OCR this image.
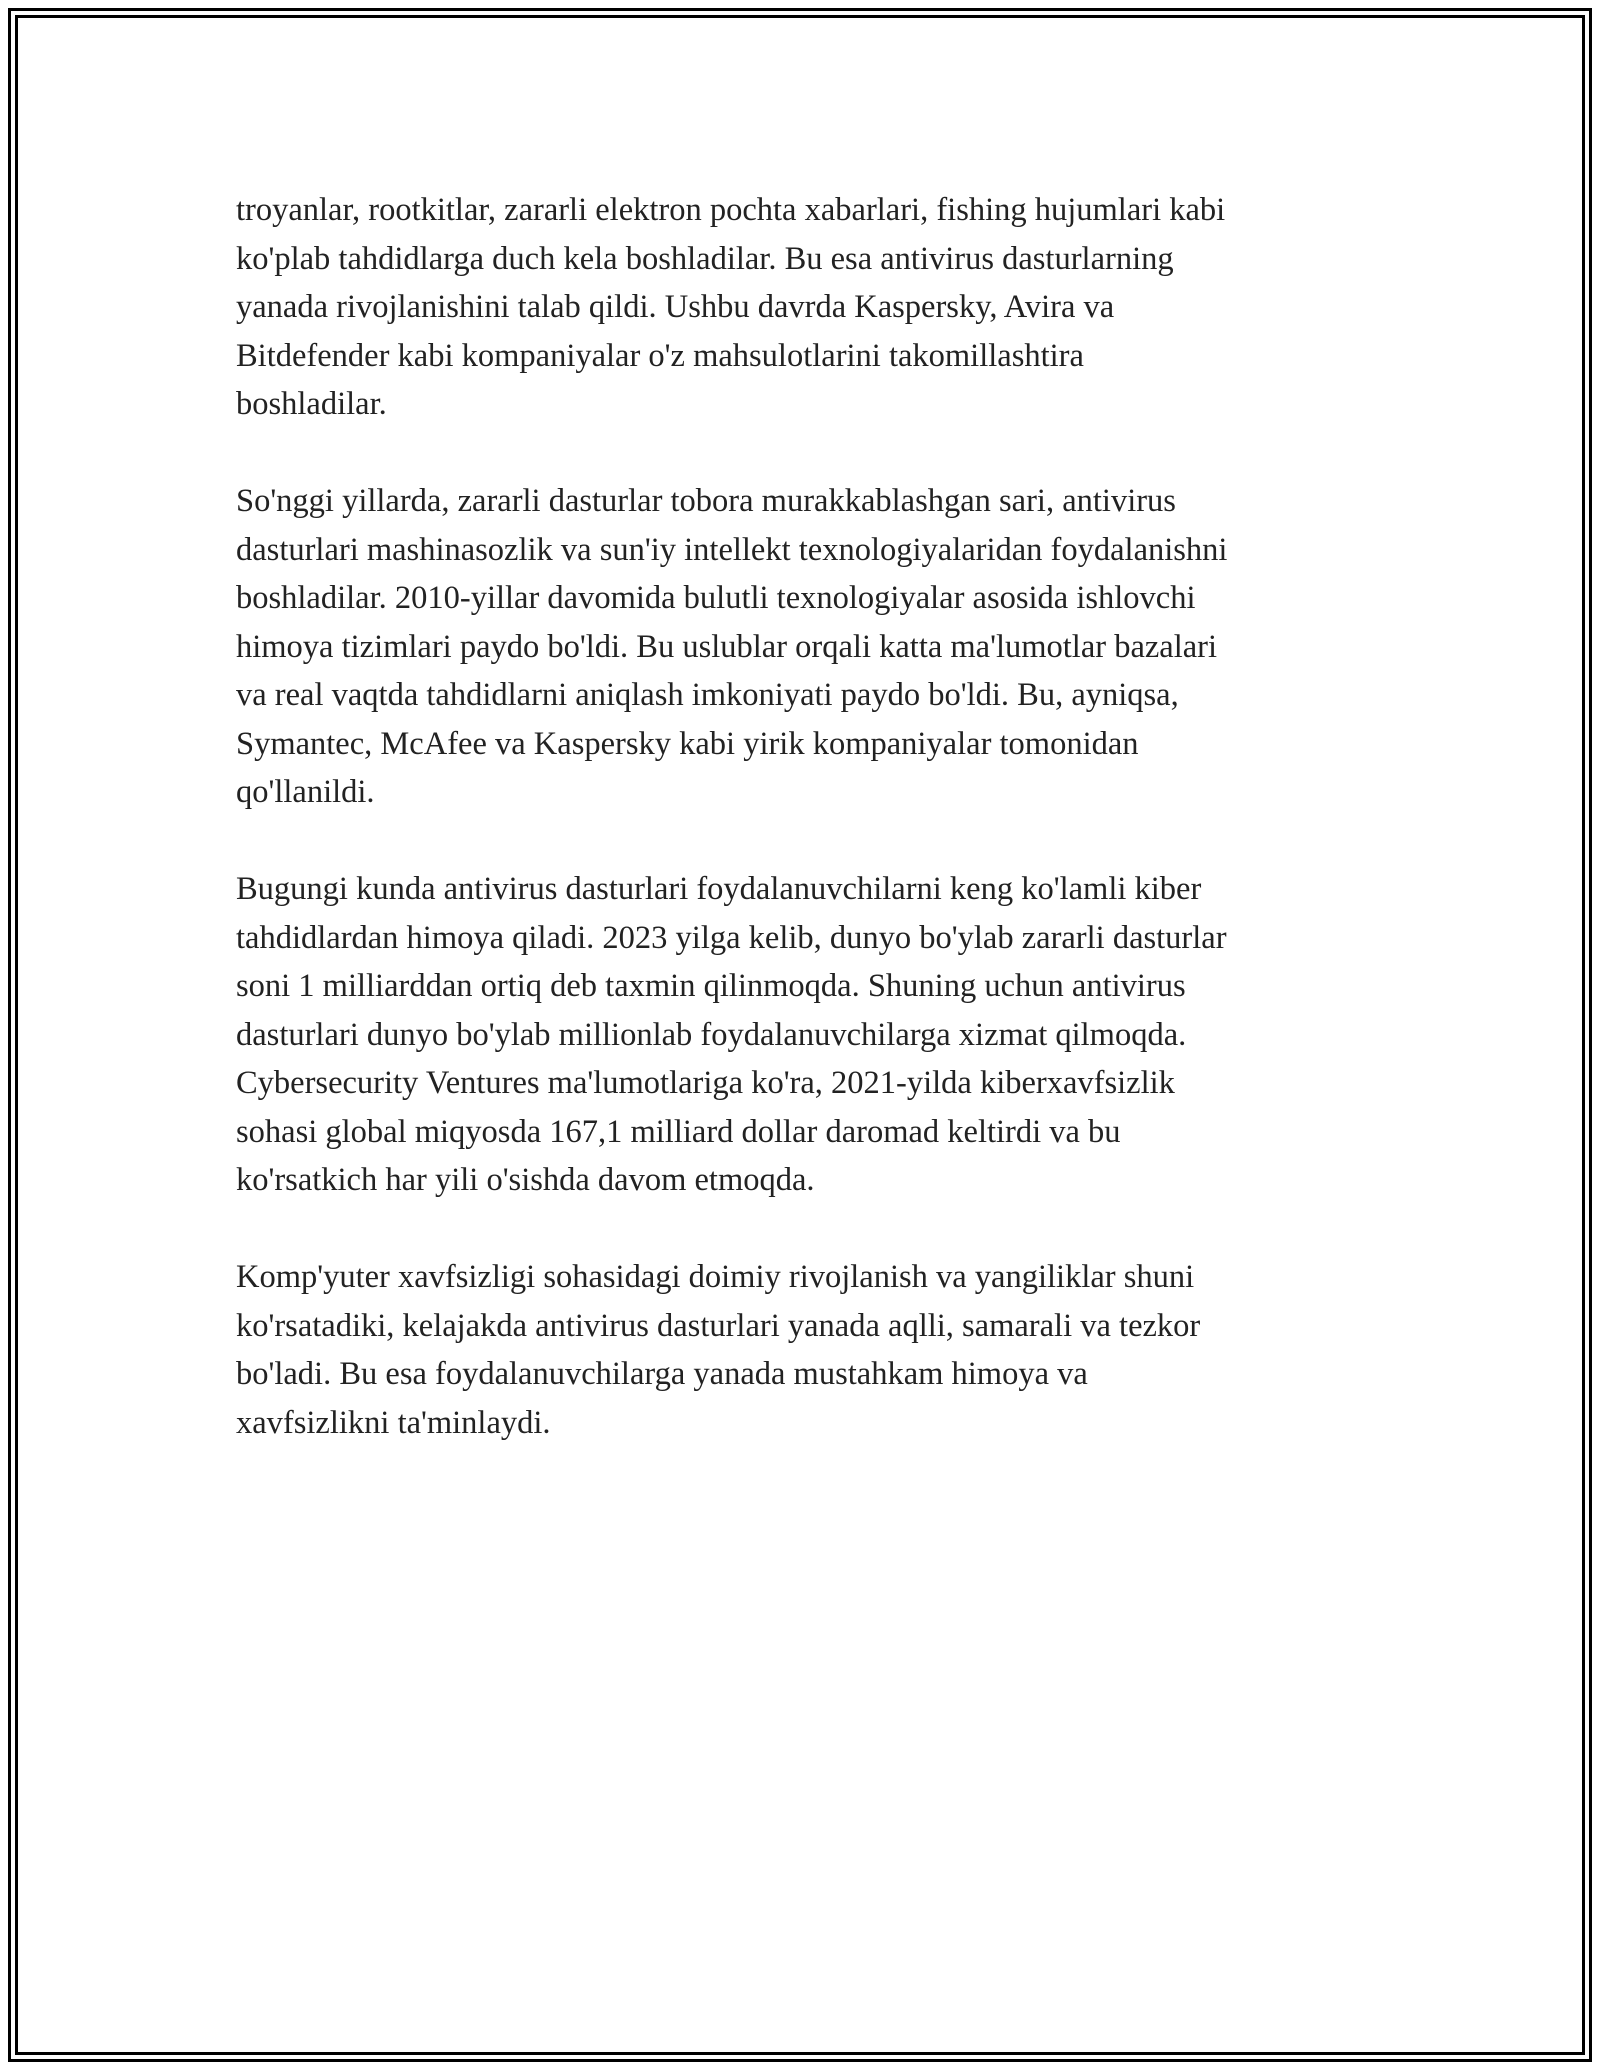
troyanlar, rootkitlar, zararli elektron pochta xabarlari, fishing hujumlari kabi
ko'plab tahdidlarga duch kela boshladilar. Bu esa antivirus dasturlarning
yanada rivojlanishini talab qildi. Ushbu davrda Kaspersky, Avira va
Bitdefender kabi kompaniyalar o'z mahsulotlarini takomillashtira
boshladilar.

So'nggi yillarda, zararli dasturlar tobora murakkablashgan sari, antivirus
dasturlari mashinasozlik va sun'iy intellekt texnologiyalaridan foydalanishni
boshladilar. 2010-yillar davomida bulutli texnologiyalar asosida ishlovchi
himoya tizimlari paydo bo'ldi. Bu uslublar orqali katta ma'lumotlar bazalari
va real vaqtda tahdidlarni aniqlash imkoniyati paydo bo'ldi. Bu, ayniqsa,
Symantec, McAfee va Kaspersky kabi yirik kompaniyalar tomonidan
qo'llanildi.

Bugungi kunda antivirus dasturlari foydalanuvchilarni keng ko'lamli kiber
tahdidlardan himoya qiladi. 2023 yilga kelib, dunyo bo'ylab zararli dasturlar
soni 1 milliarddan ortiq deb taxmin qilinmoqda. Shuning uchun antivirus
dasturlari dunyo bo'ylab millionlab foydalanuvchilarga xizmat qilmoqda.
Cybersecurity Ventures ma'lumotlariga ko'ra, 2021-yilda kiberxavfsizlik
sohasi global miqyosda 167,1 milliard dollar daromad keltirdi va bu
ko'rsatkich har yili o'sishda davom etmoqda.

Komp'yuter xavfsizligi sohasidagi doimiy rivojlanish va yangiliklar shuni
ko'rsatadiki, kelajakda antivirus dasturlari yanada aqlli, samarali va tezkor
bo'ladi. Bu esa foydalanuvchilarga yanada mustahkam himoya va
xavfsizlikni ta'minlaydi.
